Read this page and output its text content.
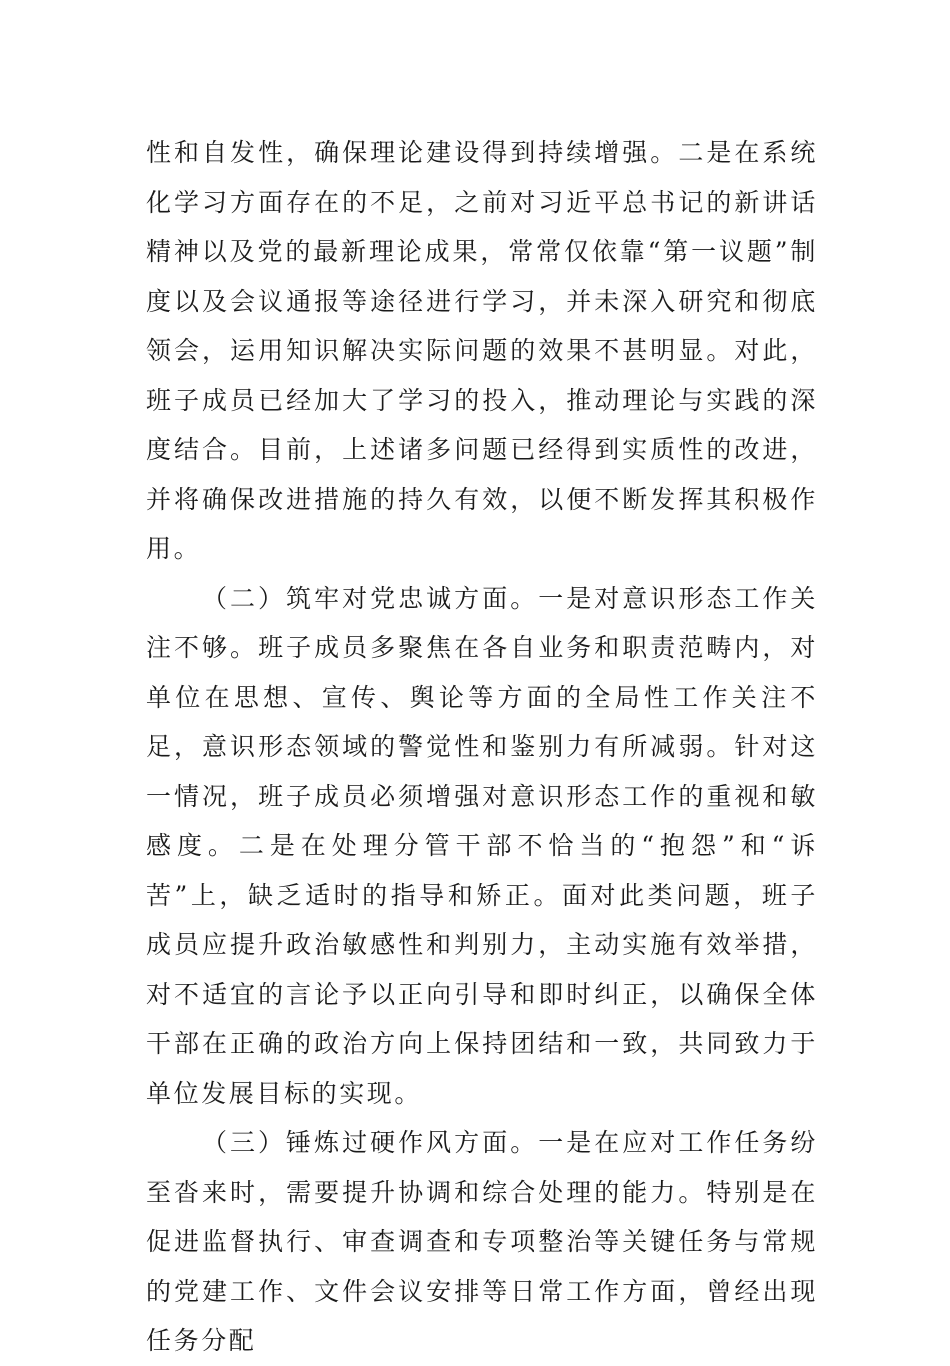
性和自发性，确保理论建设得到持续增强。二是在系统化学习方面存在的不足，之前对习近平总书记的新讲话精神以及党的最新理论成果，常常仅依靠“第一议题”制度以及会议通报等途径进行学习，并未深入研究和彻底领会，运用知识解决实际问题的效果不甚明显。对此，班子成员已经加大了学习的投入，推动理论与实践的深度结合。目前，上述诸多问题已经得到实质性的改进，并将确保改进措施的持久有效，以便不断发挥其积极作用。

（二）筑牢对党忠诚方面。一是对意识形态工作关注不够。班子成员多聚焦在各自业务和职责范畴内，对单位在思想、宣传、舆论等方面的全局性工作关注不足，意识形态领域的警觉性和鉴别力有所减弱。针对这一情况，班子成员必须增强对意识形态工作的重视和敏感度。二是在处理分管干部不恰当的“抱怨”和“诉苦”上，缺乏适时的指导和矫正。面对此类问题，班子成员应提升政治敏感性和判别力，主动实施有效举措，对不适宜的言论予以正向引导和即时纠正，以确保全体干部在正确的政治方向上保持团结和一致，共同致力于单位发展目标的实现。

（三）锤炼过硬作风方面。一是在应对工作任务纷至沓来时，需要提升协调和综合处理的能力。特别是在促进监督执行、审查调查和专项整治等关键任务与常规的党建工作、文件会议安排等日常工作方面，曾经出现任务分配
